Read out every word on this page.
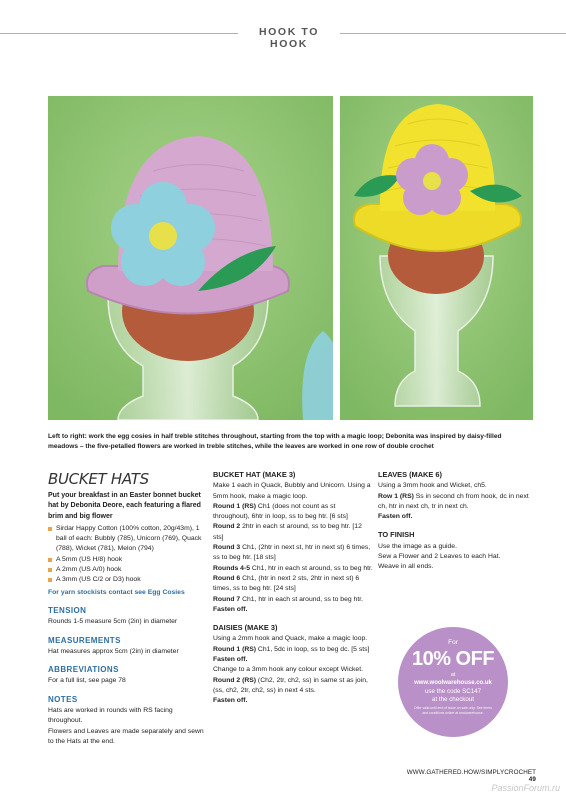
HOOK TO HOOK
Left to right: work the egg cosies in half treble stitches throughout, starting from the top with a magic loop; Debonita was inspired by daisy-filled meadows – the five-petalled flowers are worked in treble stitches, while the leaves are worked in one row of double crochet
BUCKET HATS
Put your breakfast in an Easter bonnet bucket hat by Debonita Deore, each featuring a flared brim and big flower
Sirdar Happy Cotton (100% cotton, 20g/43m), 1 ball of each: Bubbly (785), Unicorn (769), Quack (788), Wicket (781), Melon (794)
A 5mm (US H/8) hook
A 2mm (US A/0) hook
A 3mm (US C/2 or D3) hook
For yarn stockists contact see Egg Cosies
TENSION
Rounds 1-5 measure 5cm (2in) in diameter
MEASUREMENTS
Hat measures approx 5cm (2in) in diameter
ABBREVIATIONS
For a full list, see page 78
NOTES
Hats are worked in rounds with RS facing throughout.
Flowers and Leaves are made separately and sewn to the Hats at the end.
BUCKET HAT (MAKE 3)
Make 1 each in Quack, Bubbly and Unicorn. Using a 5mm hook, make a magic loop.
Round 1 (RS) Ch1 (does not count as st throughout), 6htr in loop, ss to beg htr. [6 sts]
Round 2 2htr in each st around, ss to beg htr. [12 sts]
Round 3 Ch1, (2htr in next st, htr in next st) 6 times, ss to beg htr. [18 sts]
Rounds 4-5 Ch1, htr in each st around, ss to beg htr.
Round 6 Ch1, (htr in next 2 sts, 2htr in next st) 6 times, ss to beg htr. [24 sts]
Round 7 Ch1, htr in each st around, ss to beg htr.
Fasten off.
DAISIES (MAKE 3)
Using a 2mm hook and Quack, make a magic loop.
Round 1 (RS) Ch1, 5dc in loop, ss to beg dc. [5 sts]
Fasten off.
Change to a 3mm hook any colour except Wicket.
Round 2 (RS) (Ch2, 2tr, ch2, ss) in same st as join, (ss, ch2, 2tr, ch2, ss) in next 4 sts.
Fasten off.
LEAVES (MAKE 6)
Using a 3mm hook and Wicket, ch5.
Row 1 (RS) Ss in second ch from hook, dc in next ch, htr in next ch, tr in next ch.
Fasten off.
TO FINISH
Use the image as a guide.
Sew a Flower and 2 Leaves to each Hat.
Weave in all ends.
For
10% OFF
at
www.woolwarehouse.co.uk
use the code SC147
at the checkout
Offer valid until end of issue on sale only. See terms and conditions online at woolwarehouse.
WWW.GATHERED.HOW/SIMPLYCROCHET 49
PassionForum.ru
